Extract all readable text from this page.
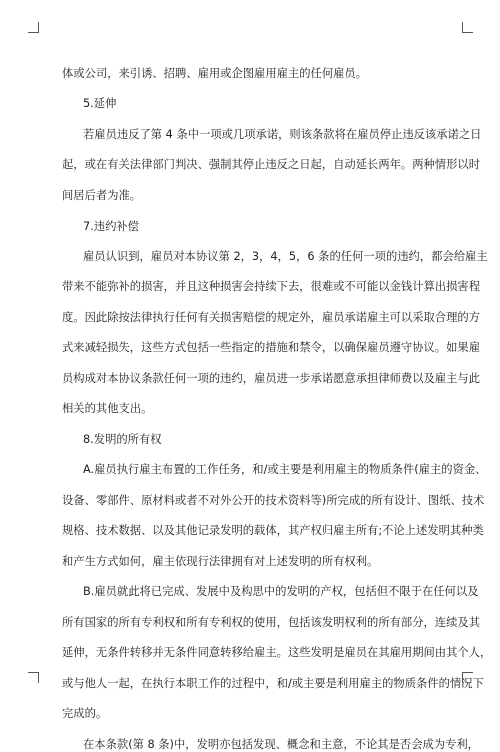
体或公司，来引诱、招聘、雇用或企图雇用雇主的任何雇员。
5.延伸
若雇员违反了第 4 条中一项或几项承诺，则该条款将在雇员停止违反该承诺之日
起，或在有关法律部门判决、强制其停止违反之日起，自动延长两年。两种情形以时
间居后者为准。
7.违约补偿
雇员认识到，雇员对本协议第 2，3，4，5，6 条的任何一项的违约，都会给雇主
带来不能弥补的损害，并且这种损害会持续下去，很难或不可能以金钱计算出损害程
度。因此除按法律执行任何有关损害赔偿的规定外，雇员承诺雇主可以采取合理的方
式来减轻损失，这些方式包括一些指定的措施和禁令，以确保雇员遵守协议。如果雇
员构成对本协议条款任何一项的违约，雇员进一步承诺愿意承担律师费以及雇主与此
相关的其他支出。
8.发明的所有权
A.雇员执行雇主布置的工作任务，和/或主要是利用雇主的物质条件(雇主的资金、
设备、零部件、原材料或者不对外公开的技术资料等)所完成的所有设计、图纸、技术
规格、技术数据、以及其他记录发明的载体，其产权归雇主所有;不论上述发明其种类
和产生方式如何，雇主依现行法律拥有对上述发明的所有权利。
B.雇员就此将已完成、发展中及构思中的发明的产权，包括但不限于在任何以及
所有国家的所有专利权和所有专利权的使用，包括该发明权利的所有部分，连续及其
延伸，无条件转移并无条件同意转移给雇主。这些发明是雇员在其雇用期间由其个人，
或与他人一起，在执行本职工作的过程中，和/或主要是利用雇主的物质条件的情况下
完成的。
在本条款(第 8 条)中，发明亦包括发现、概念和主意，不论其是否会成为专利，
